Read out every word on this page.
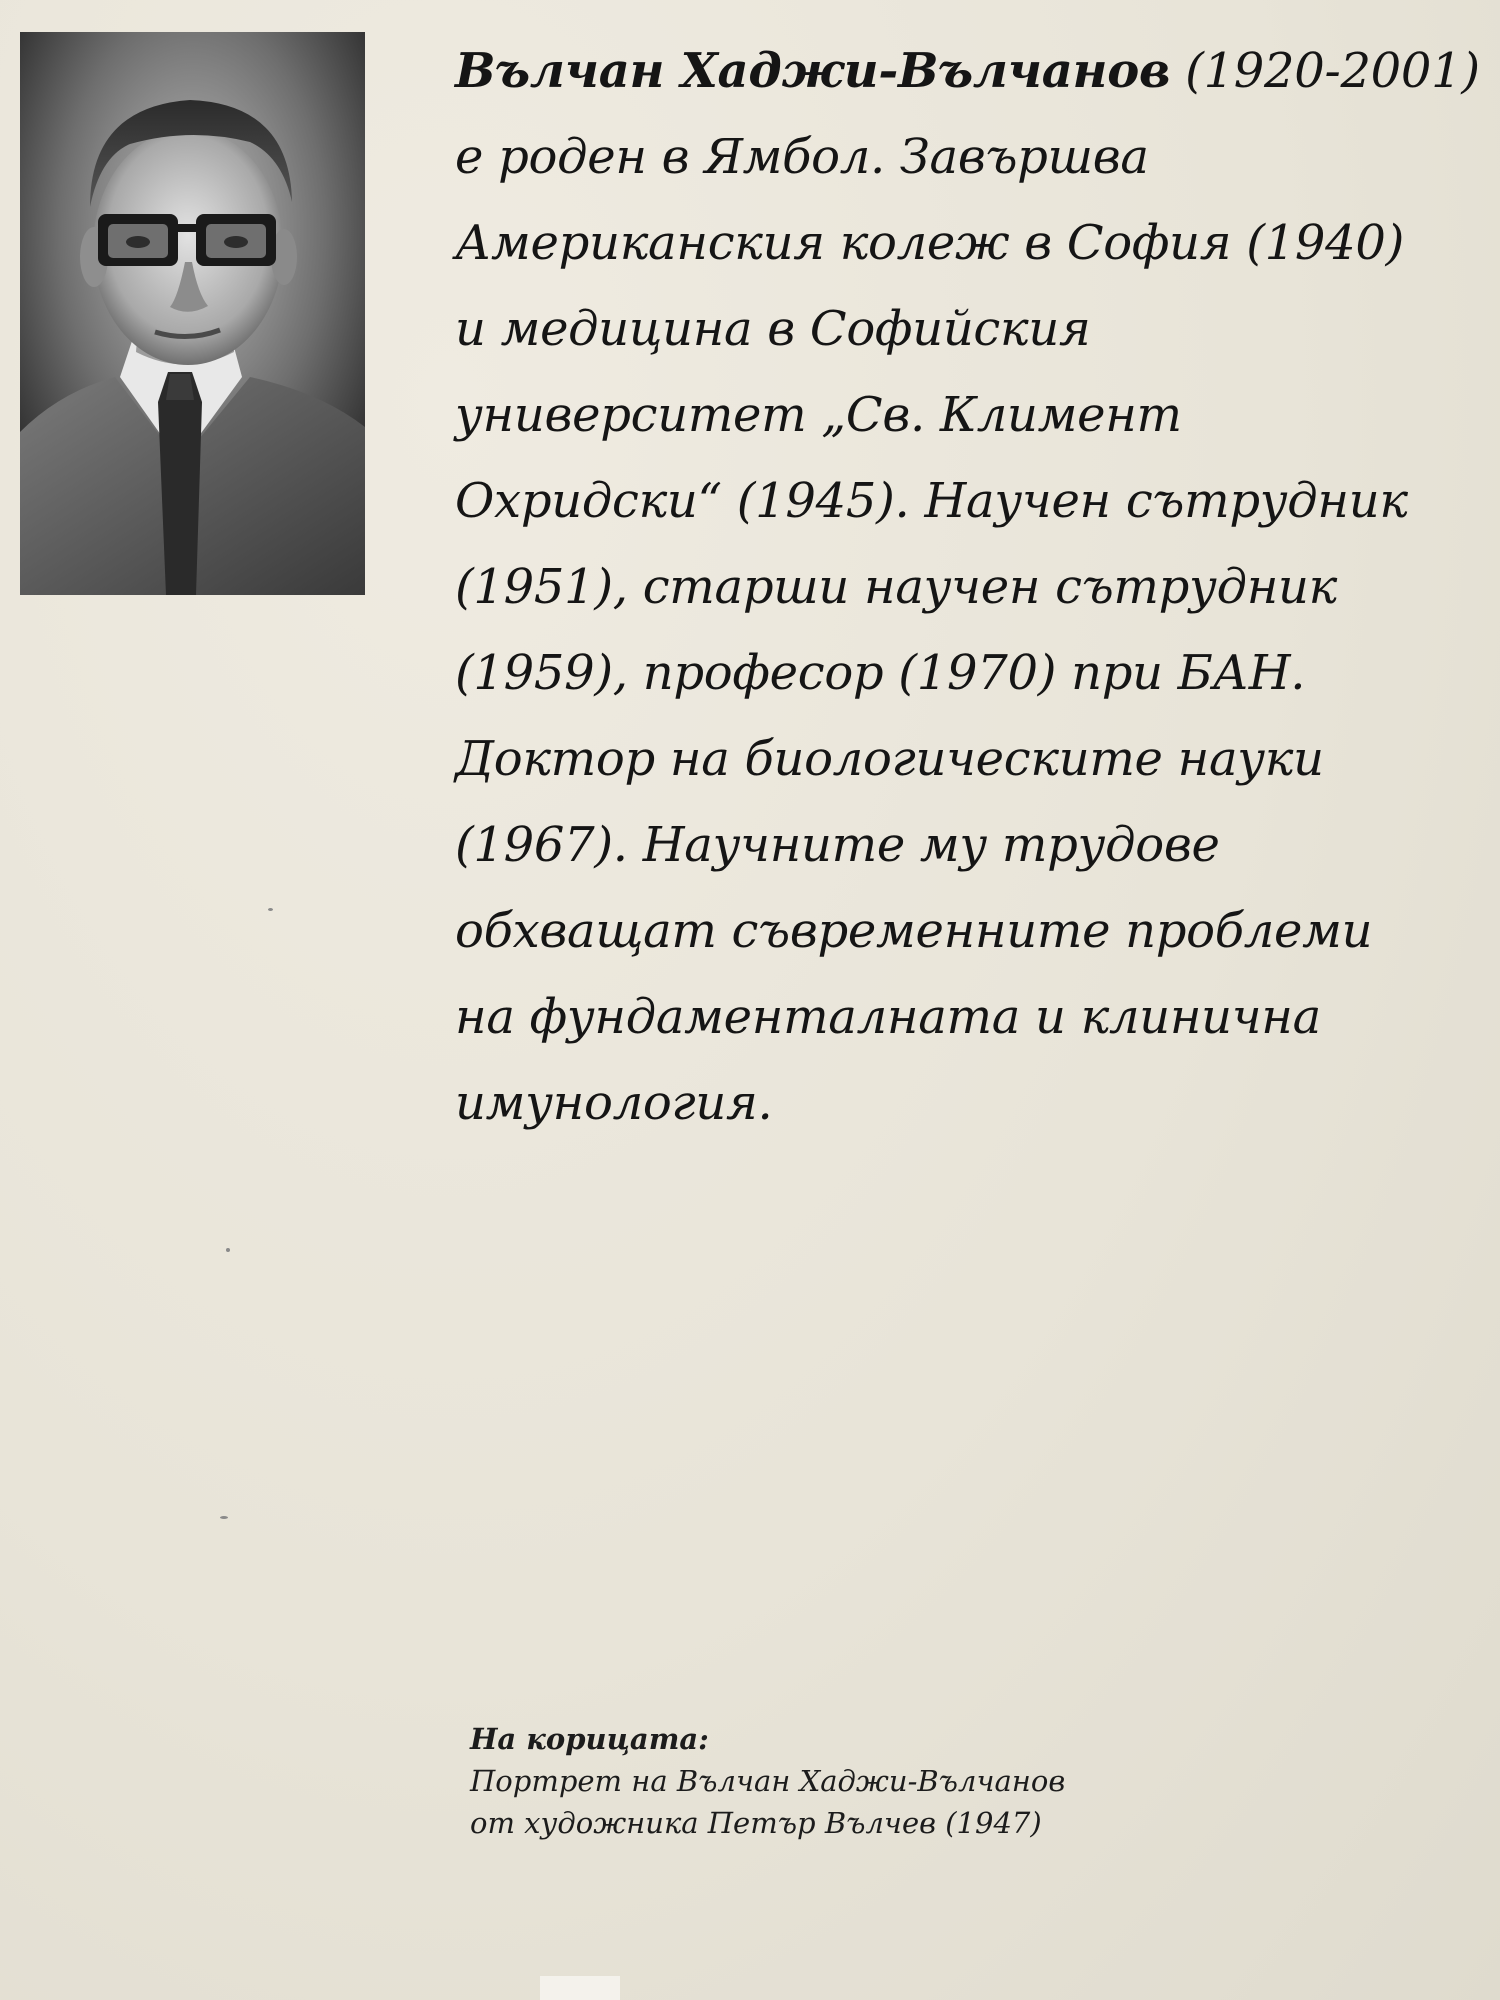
Вълчан Хаджи-Вълчанов (1920-2001)
е роден в Ямбол. Завършва
Американския колеж в София (1940)
и медицина в Софийския
университет „Св. Климент
Охридски“ (1945). Научен сътрудник
(1951), старши научен сътрудник
(1959), професор (1970) при БАН.
Доктор на биологическите науки
(1967). Научните му трудове
обхващат съвременните проблеми
на фундаменталната и клинична
имунология.
На корицата:
Портрет на Вълчан Хаджи-Вълчанов
от художника Петър Вълчев (1947)
